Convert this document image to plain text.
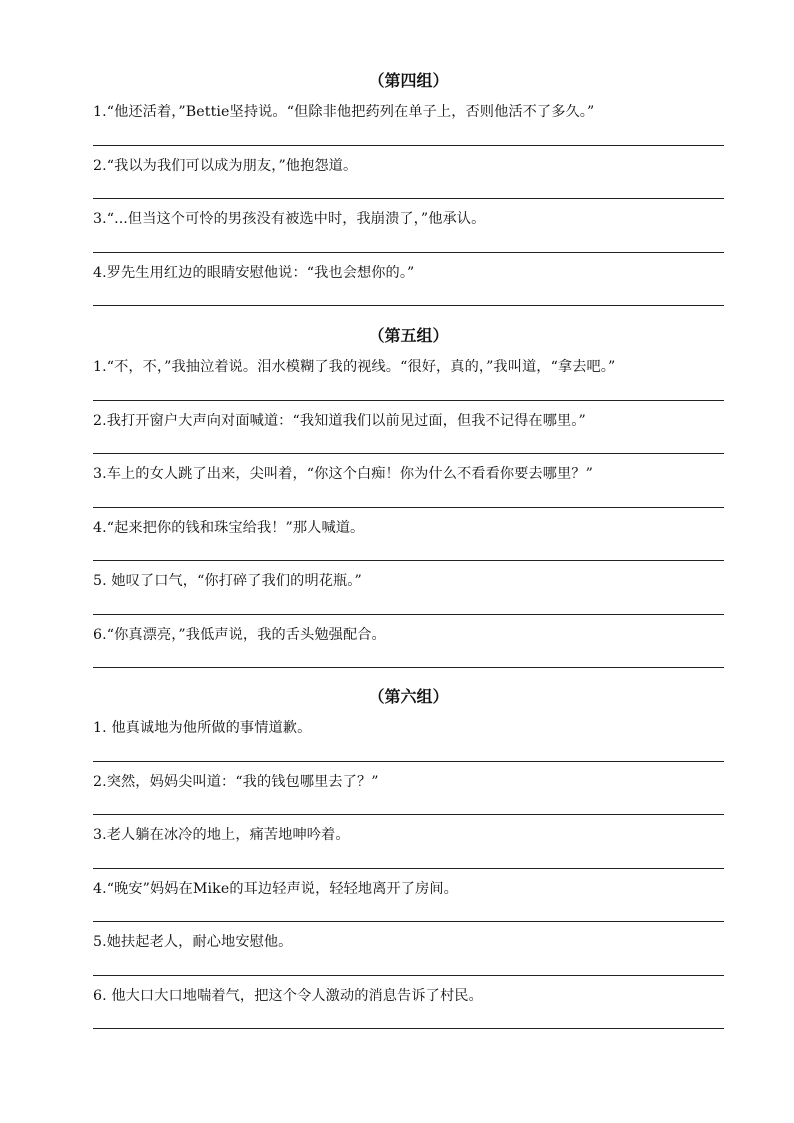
（第四组）
1.“他还活着，”Bettie坚持说。“但除非他把药列在单子上，否则他活不了多久。”
2.“我以为我们可以成为朋友，”他抱怨道。
3.“...但当这个可怜的男孩没有被选中时，我崩溃了，”他承认。
4.罗先生用红边的眼睛安慰他说：“我也会想你的。”
（第五组）
1.“不，不，”我抽泣着说。泪水模糊了我的视线。“很好，真的，”我叫道，“拿去吧。”
2.我打开窗户大声向对面喊道：“我知道我们以前见过面，但我不记得在哪里。”
3.车上的女人跳了出来，尖叫着，“你这个白痴！你为什么不看看你要去哪里？”
4.“起来把你的钱和珠宝给我！”那人喊道。
5. 她叹了口气，“你打碎了我们的明花瓶。”
6.“你真漂亮，”我低声说，我的舌头勉强配合。
（第六组）
1. 他真诚地为他所做的事情道歉。
2.突然，妈妈尖叫道：“我的钱包哪里去了？”
3.老人躺在冰冷的地上，痛苦地呻吟着。
4.“晚安”妈妈在Mike的耳边轻声说，轻轻地离开了房间。
5.她扶起老人，耐心地安慰他。
6. 他大口大口地喘着气，把这个令人激动的消息告诉了村民。
